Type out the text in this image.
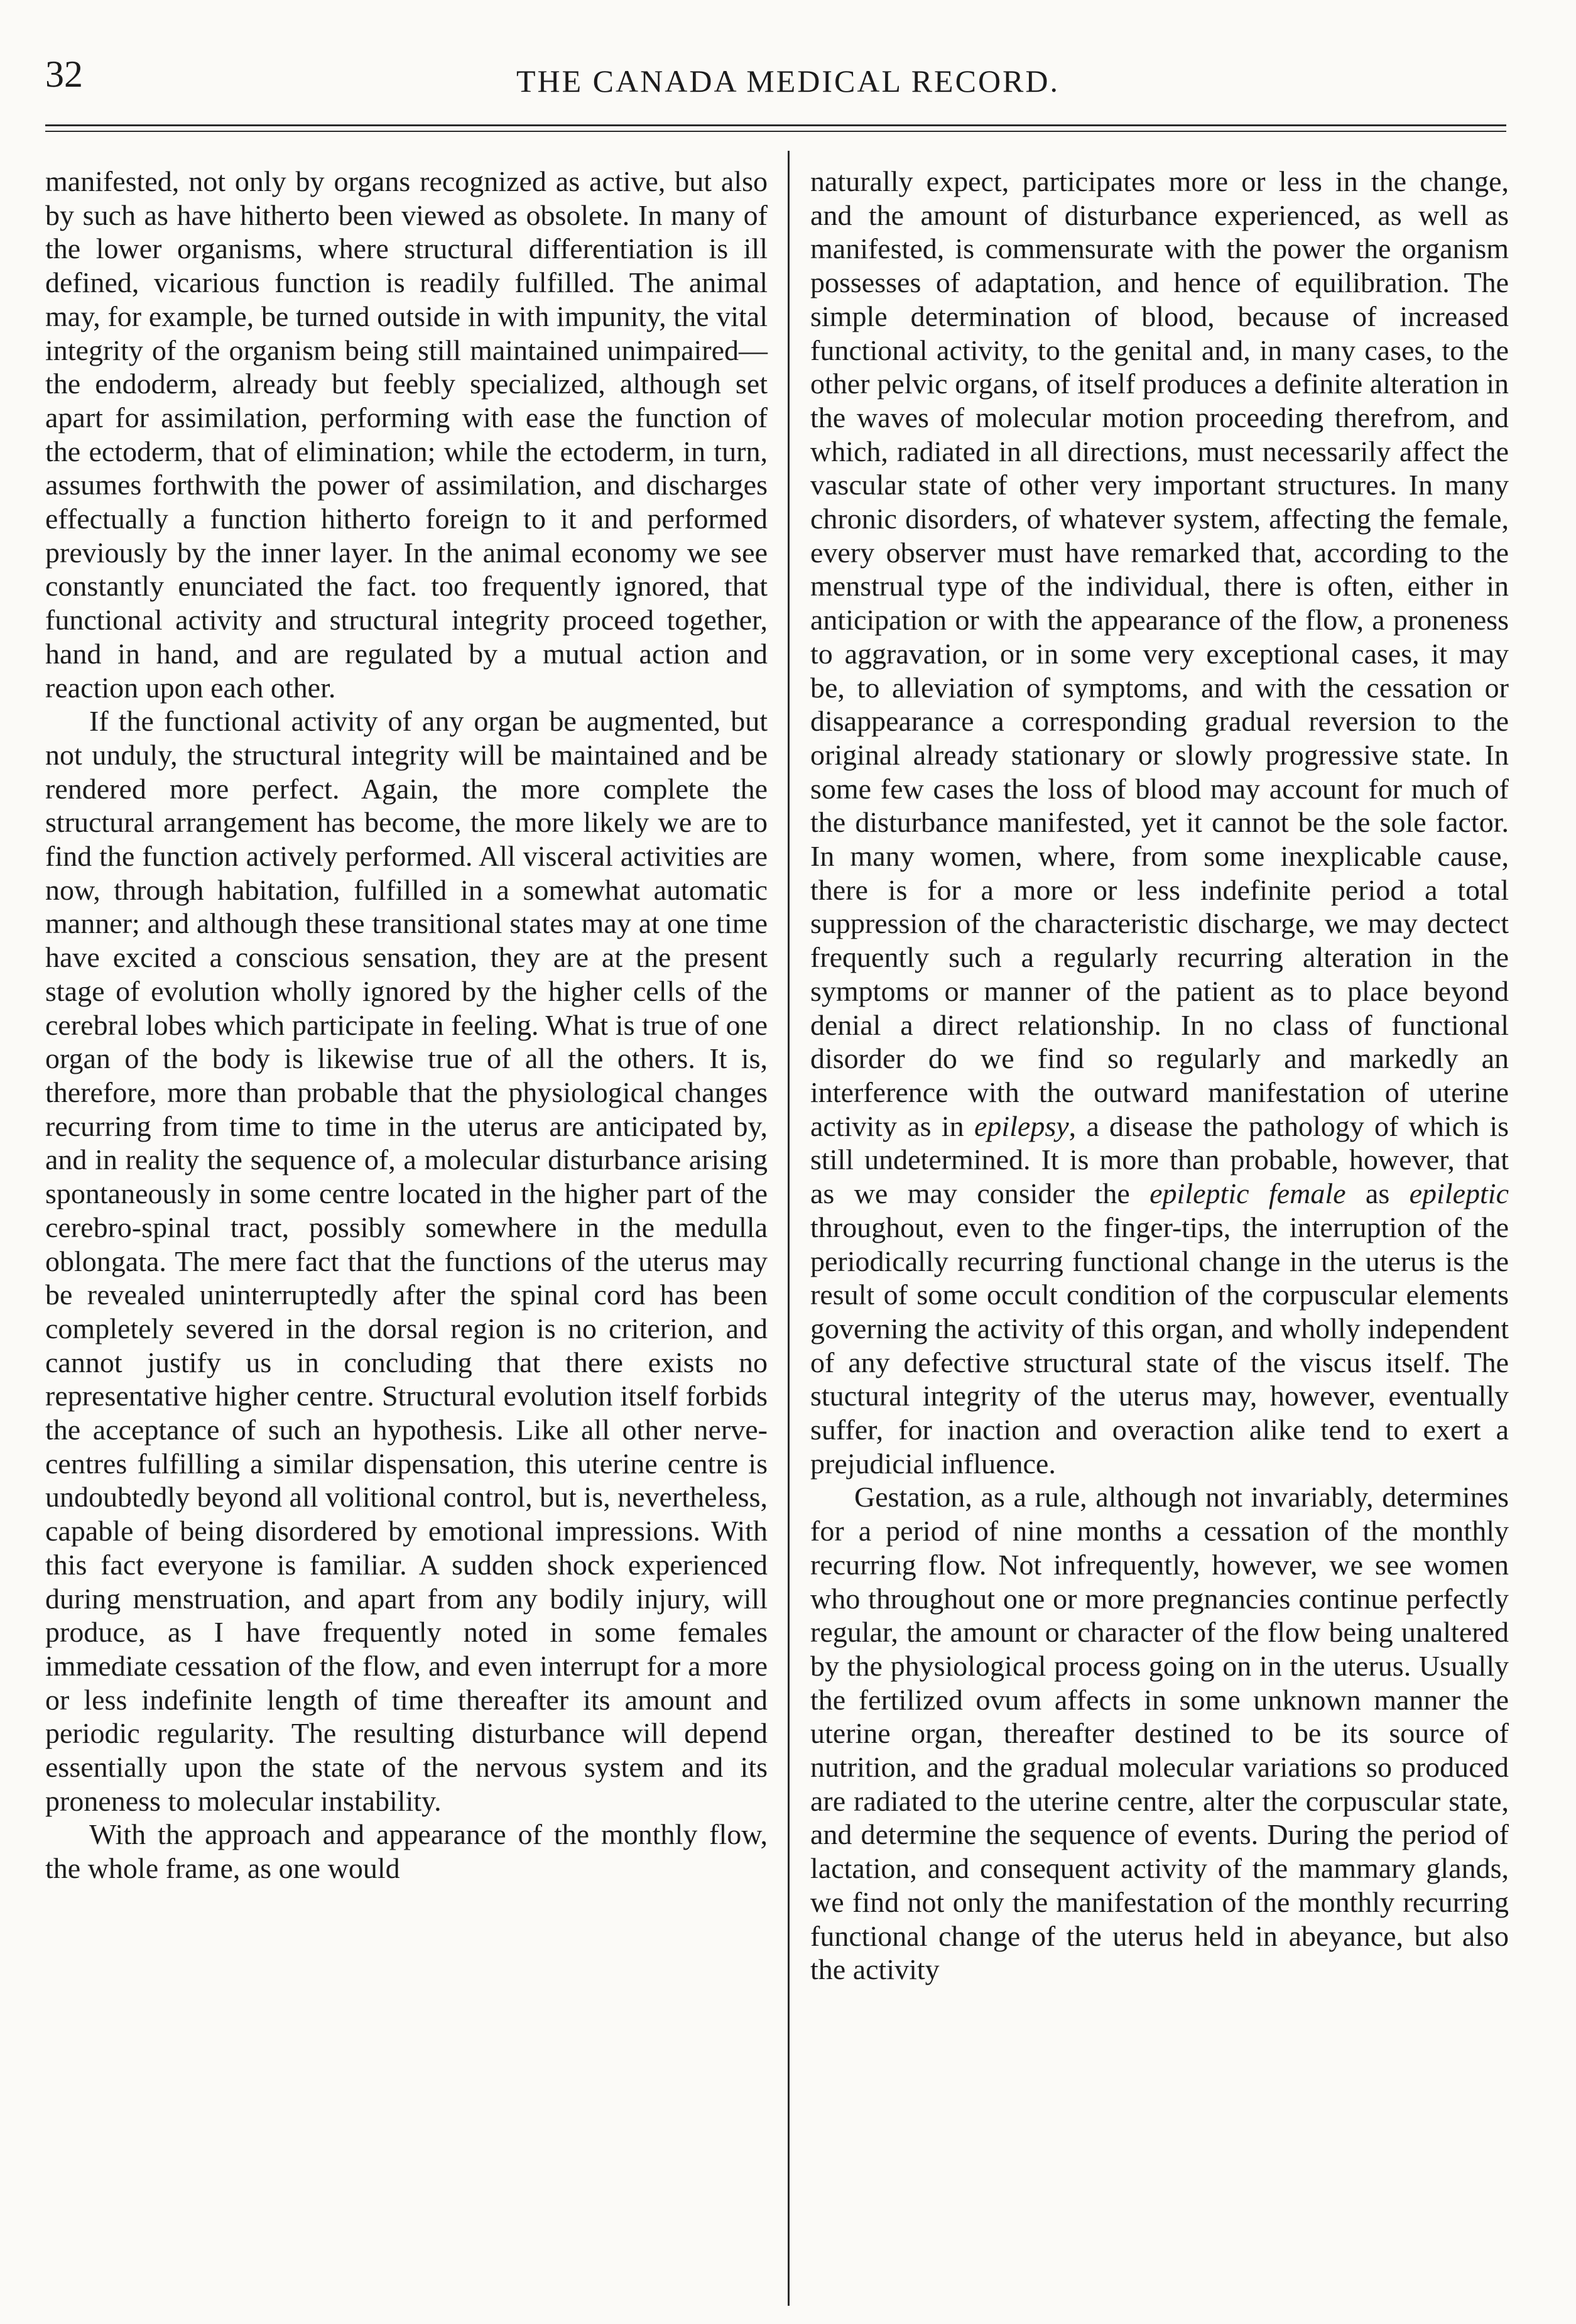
32	THE CANADA MEDICAL RECORD.

manifested, not only by organs recognized as active, but also by such as have hitherto been viewed as obsolete. In many of the lower organisms, where structural differentiation is ill defined, vicarious function is readily fulfilled. The animal may, for example, be turned outside in with impunity, the vital integrity of the organism being still maintained unimpaired—the endoderm, already but feebly specialized, although set apart for assimilation, performing with ease the function of the ectoderm, that of elimination; while the ectoderm, in turn, assumes forthwith the power of assimilation, and discharges effectually a function hitherto foreign to it and performed previously by the inner layer. In the animal economy we see constantly enunciated the fact. too frequently ignored, that functional activity and structural integrity proceed together, hand in hand, and are regulated by a mutual action and reaction upon each other.

If the functional activity of any organ be augmented, but not unduly, the structural integrity will be maintained and be rendered more perfect. Again, the more complete the structural arrangement has become, the more likely we are to find the function actively performed. All visceral activities are now, through habitation, fulfilled in a somewhat automatic manner; and although these transitional states may at one time have excited a conscious sensation, they are at the present stage of evolution wholly ignored by the higher cells of the cerebral lobes which participate in feeling. What is true of one organ of the body is likewise true of all the others. It is, therefore, more than probable that the physiological changes recurring from time to time in the uterus are anticipated by, and in reality the sequence of, a molecular disturbance arising spontaneously in some centre located in the higher part of the cerebro-spinal tract, possibly somewhere in the medulla oblongata. The mere fact that the functions of the uterus may be revealed uninterruptedly after the spinal cord has been completely severed in the dorsal region is no criterion, and cannot justify us in concluding that there exists no representative higher centre. Structural evolution itself forbids the acceptance of such an hypothesis. Like all other nerve-centres fulfilling a similar dispensation, this uterine centre is undoubtedly beyond all volitional control, but is, nevertheless, capable of being disordered by emotional impressions. With this fact everyone is familiar. A sudden shock experienced during menstruation, and apart from any bodily injury, will produce, as I have frequently noted in some females immediate cessation of the flow, and even interrupt for a more or less indefinite length of time thereafter its amount and periodic regularity. The resulting disturbance will depend essentially upon the state of the nervous system and its proneness to molecular instability.

With the approach and appearance of the monthly flow, the whole frame, as one would

naturally expect, participates more or less in the change, and the amount of disturbance experienced, as well as manifested, is commensurate with the power the organism possesses of adaptation, and hence of equilibration. The simple determination of blood, because of increased functional activity, to the genital and, in many cases, to the other pelvic organs, of itself produces a definite alteration in the waves of molecular motion proceeding therefrom, and which, radiated in all directions, must necessarily affect the vascular state of other very important structures. In many chronic disorders, of whatever system, affecting the female, every observer must have remarked that, according to the menstrual type of the individual, there is often, either in anticipation or with the appearance of the flow, a proneness to aggravation, or in some very exceptional cases, it may be, to alleviation of symptoms, and with the cessation or disappearance a corresponding gradual reversion to the original already stationary or slowly progressive state. In some few cases the loss of blood may account for much of the disturbance manifested, yet it cannot be the sole factor. In many women, where, from some inexplicable cause, there is for a more or less indefinite period a total suppression of the characteristic discharge, we may dectect frequently such a regularly recurring alteration in the symptoms or manner of the patient as to place beyond denial a direct relationship. In no class of functional disorder do we find so regularly and markedly an interference with the outward manifestation of uterine activity as in epilepsy, a disease the pathology of which is still undetermined. It is more than probable, however, that as we may consider the epileptic female as epileptic throughout, even to the finger-tips, the interruption of the periodically recurring functional change in the uterus is the result of some occult condition of the corpuscular elements governing the activity of this organ, and wholly independent of any defective structural state of the viscus itself. The stuctural integrity of the uterus may, however, eventually suffer, for inaction and overaction alike tend to exert a prejudicial influence.

Gestation, as a rule, although not invariably, determines for a period of nine months a cessation of the monthly recurring flow. Not infrequently, however, we see women who throughout one or more pregnancies continue perfectly regular, the amount or character of the flow being unaltered by the physiological process going on in the uterus. Usually the fertilized ovum affects in some unknown manner the uterine organ, thereafter destined to be its source of nutrition, and the gradual molecular variations so produced are radiated to the uterine centre, alter the corpuscular state, and determine the sequence of events. During the period of lactation, and consequent activity of the mammary glands, we find not only the manifestation of the monthly recurring functional change of the uterus held in abeyance, but also the activity
